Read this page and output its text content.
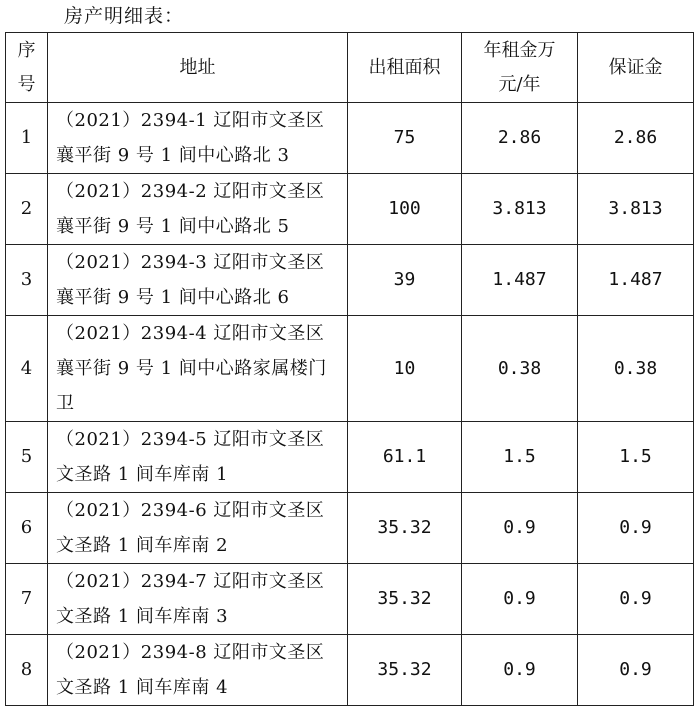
房产明细表：
序号	地址	出租面积	年租金万元/年	保证金
1	（2021）2394-1 辽阳市文圣区襄平街 9 号 1 间中心路北 3	75	2.86	2.86
2	（2021）2394-2 辽阳市文圣区襄平街 9 号 1 间中心路北 5	100	3.813	3.813
3	（2021）2394-3 辽阳市文圣区襄平街 9 号 1 间中心路北 6	39	1.487	1.487
4	（2021）2394-4 辽阳市文圣区襄平街 9 号 1 间中心路家属楼门卫	10	0.38	0.38
5	（2021）2394-5 辽阳市文圣区文圣路 1 间车库南 1	61.1	1.5	1.5
6	（2021）2394-6 辽阳市文圣区文圣路 1 间车库南 2	35.32	0.9	0.9
7	（2021）2394-7 辽阳市文圣区文圣路 1 间车库南 3	35.32	0.9	0.9
8	（2021）2394-8 辽阳市文圣区文圣路 1 间车库南 4	35.32	0.9	0.9
